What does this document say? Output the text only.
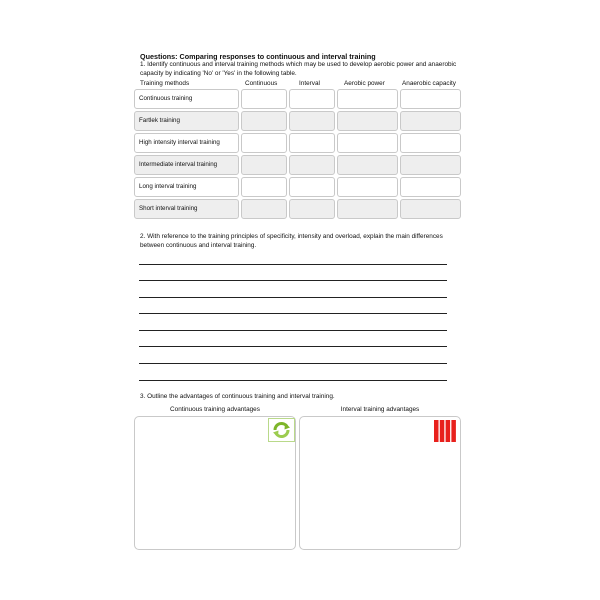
Questions: Comparing responses to continuous and interval training
1. Identify continuous and interval training methods which may be used to develop aerobic power and anaerobic capacity by indicating 'No' or 'Yes' in the following table.
Training methods	Continuous	Interval	Aerobic power	Anaerobic capacity
Continuous training
Fartlek training
High intensity interval training
Intermediate interval training
Long interval training
Short interval training
2. With reference to the training principles of specificity, intensity and overload, explain the main differences between continuous and interval training.
3. Outline the advantages of continuous training and interval training.
Continuous training advantages	Interval training advantages
